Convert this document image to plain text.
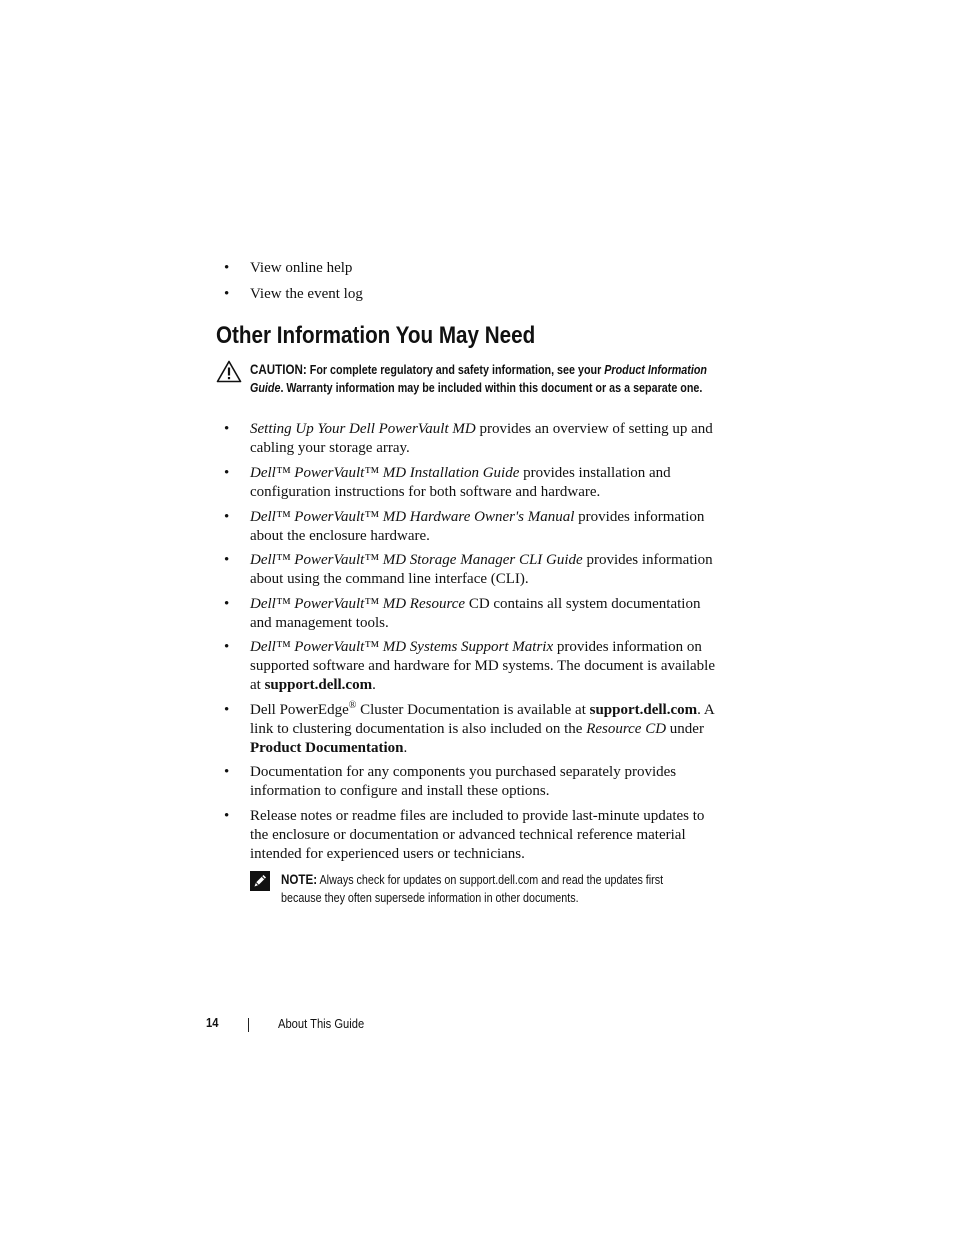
• View online help
• View the event log
Other Information You May Need
CAUTION: For complete regulatory and safety information, see your Product Information Guide. Warranty information may be included within this document or as a separate one.
• Setting Up Your Dell PowerVault MD provides an overview of setting up and cabling your storage array.
• Dell™ PowerVault™ MD Installation Guide provides installation and configuration instructions for both software and hardware.
• Dell™ PowerVault™ MD Hardware Owner's Manual provides information about the enclosure hardware.
• Dell™ PowerVault™ MD Storage Manager CLI Guide provides information about using the command line interface (CLI).
• Dell™ PowerVault™ MD Resource CD contains all system documentation and management tools.
• Dell™ PowerVault™ MD Systems Support Matrix provides information on supported software and hardware for MD systems. The document is available at support.dell.com.
• Dell PowerEdge® Cluster Documentation is available at support.dell.com. A link to clustering documentation is also included on the Resource CD under Product Documentation.
• Documentation for any components you purchased separately provides information to configure and install these options.
• Release notes or readme files are included to provide last-minute updates to the enclosure or documentation or advanced technical reference material intended for experienced users or technicians.
NOTE: Always check for updates on support.dell.com and read the updates first because they often supersede information in other documents.
14	About This Guide
